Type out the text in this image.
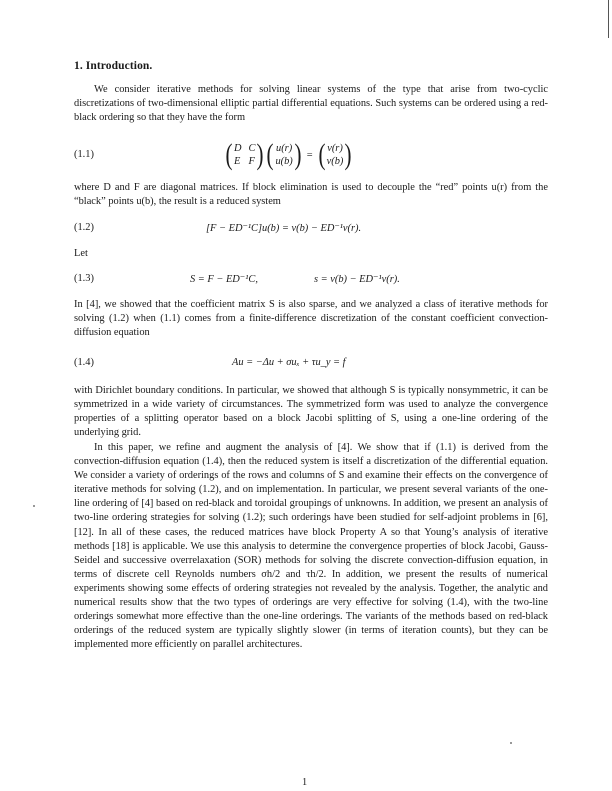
1. Introduction.

We consider iterative methods for solving linear systems of the type that arise from two-cyclic discretizations of two-dimensional elliptic partial differential equations. Such systems can be ordered using a red-black ordering so that they have the form

(1.1)	( D C
E F ) ( u(r)
u(b) ) = ( v(r)
v(b) )

where D and F are diagonal matrices. If block elimination is used to decouple the “red” points u(r) from the “black” points u(b), the result is a reduced system

(1.2)	[F − ED⁻¹C]u(b) = v(b) − ED⁻¹v(r).

Let

(1.3)	S = F − ED⁻¹C,	s = v(b) − ED⁻¹v(r).

In [4], we showed that the coefficient matrix S is also sparse, and we analyzed a class of iterative methods for solving (1.2) when (1.1) comes from a finite-difference discretization of the constant coefficient convection-diffusion equation

(1.4)	Au = −Δu + σuₓ + τu_y = f

with Dirichlet boundary conditions. In particular, we showed that although S is typically nonsymmetric, it can be symmetrized in a wide variety of circumstances. The symmetrized form was used to analyze the convergence properties of a splitting operator based on a block Jacobi splitting of S, using a one-line ordering of the underlying grid.

In this paper, we refine and augment the analysis of [4]. We show that if (1.1) is derived from the convection-diffusion equation (1.4), then the reduced system is itself a discretization of the differential equation. We consider a variety of orderings of the rows and columns of S and examine their effects on the convergence of iterative methods for solving (1.2), and on implementation. In particular, we present several variants of the one-line ordering of [4] based on red-black and toroidal groupings of unknowns. In addition, we present an analysis of two-line ordering strategies for solving (1.2); such orderings have been studied for self-adjoint problems in [6], [12]. In all of these cases, the reduced matrices have block Property A so that Young’s analysis of iterative methods [18] is applicable. We use this analysis to determine the convergence properties of block Jacobi, Gauss-Seidel and successive overrelaxation (SOR) methods for solving the discrete convection-diffusion equation, in terms of discrete cell Reynolds numbers σh/2 and τh/2. In addition, we present the results of numerical experiments showing some effects of ordering strategies not revealed by the analysis. Together, the analytic and numerical results show that the two types of orderings are very effective for solving (1.4), with the two-line orderings somewhat more effective than the one-line orderings. The variants of the methods based on red-black orderings of the reduced system are typically slightly slower (in terms of iteration counts), but they can be implemented more efficiently on parallel architectures.

1
